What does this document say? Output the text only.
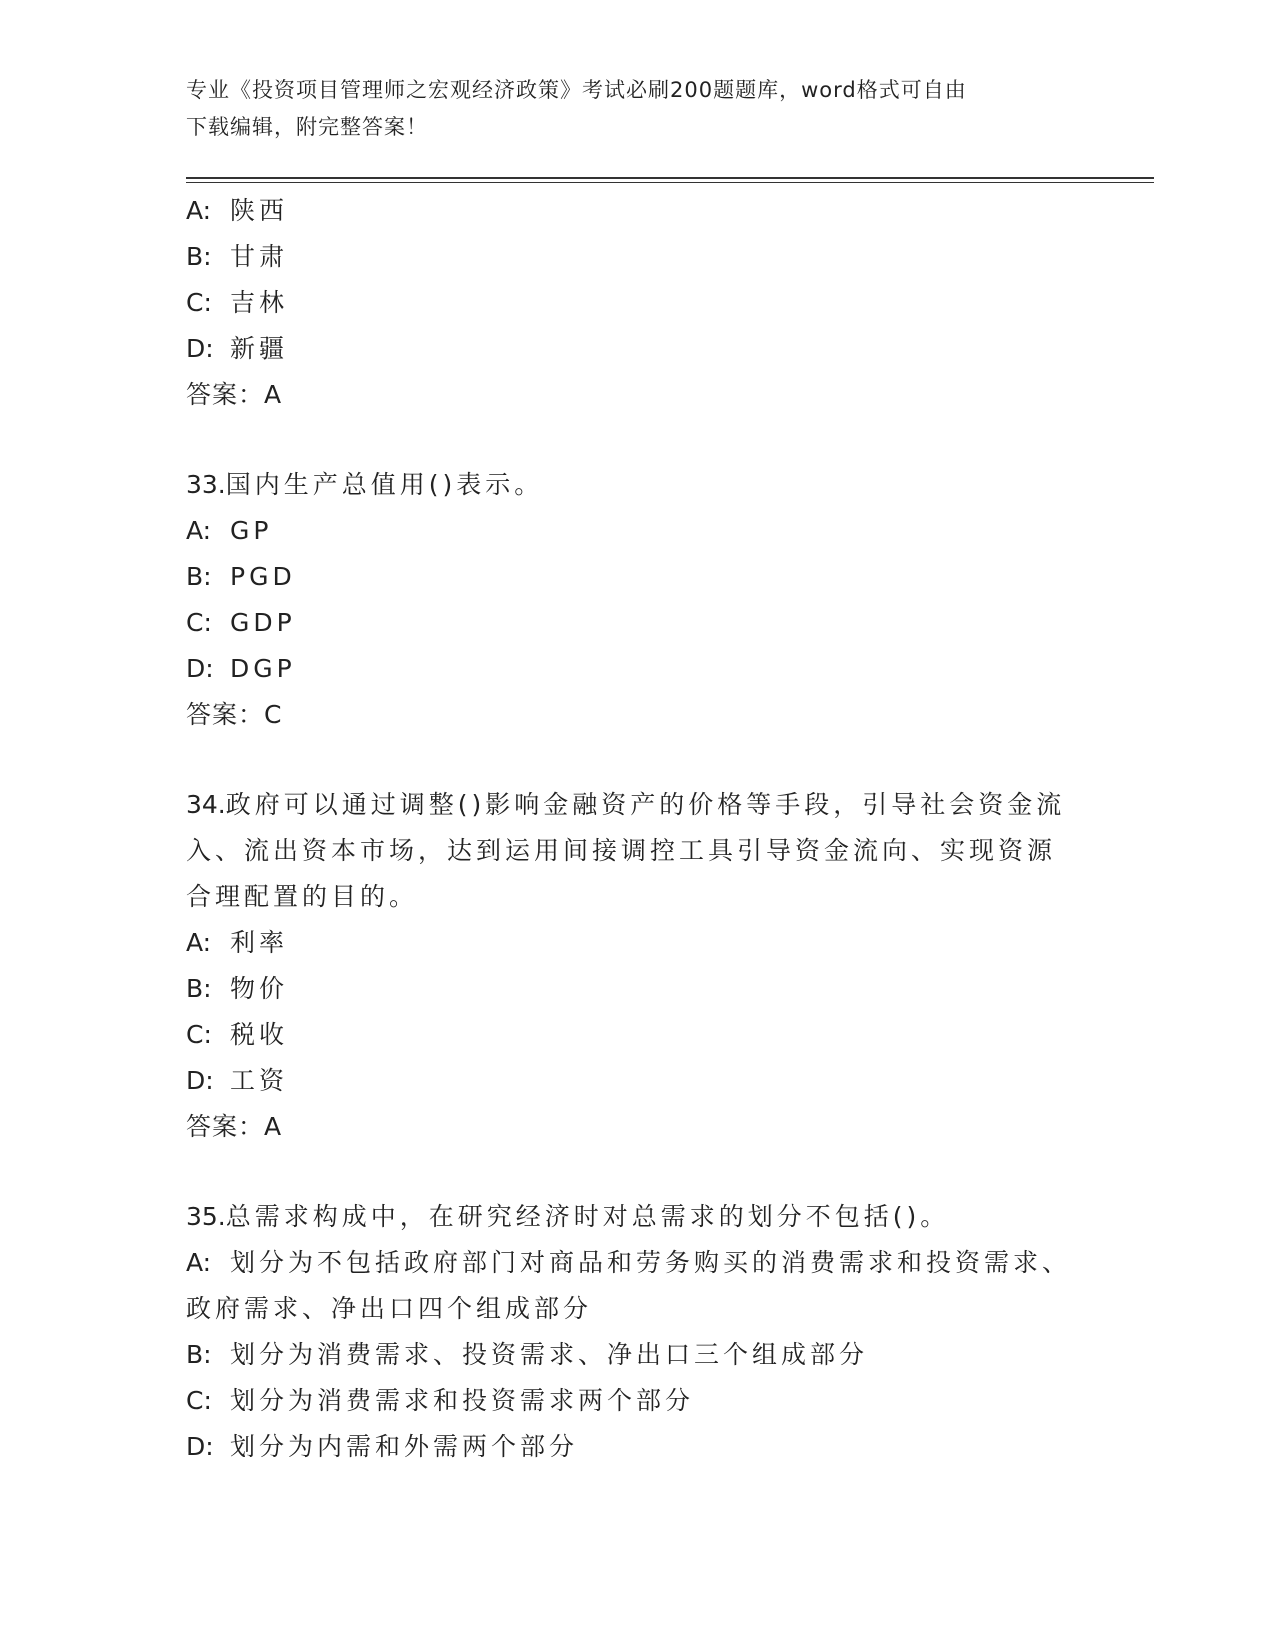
专业《投资项目管理师之宏观经济政策》考试必刷200题题库，word格式可自由
下载编辑，附完整答案！
A: 陕西
B: 甘肃
C: 吉林
D: 新疆
答案：A
33.国内生产总值用()表示。
A: GP
B: PGD
C: GDP
D: DGP
答案：C
34.政府可以通过调整()影响金融资产的价格等手段，引导社会资金流
入、流出资本市场，达到运用间接调控工具引导资金流向、实现资源
合理配置的目的。
A: 利率
B: 物价
C: 税收
D: 工资
答案：A
35.总需求构成中，在研究经济时对总需求的划分不包括()。
A: 划分为不包括政府部门对商品和劳务购买的消费需求和投资需求、
政府需求、净出口四个组成部分
B: 划分为消费需求、投资需求、净出口三个组成部分
C: 划分为消费需求和投资需求两个部分
D: 划分为内需和外需两个部分
